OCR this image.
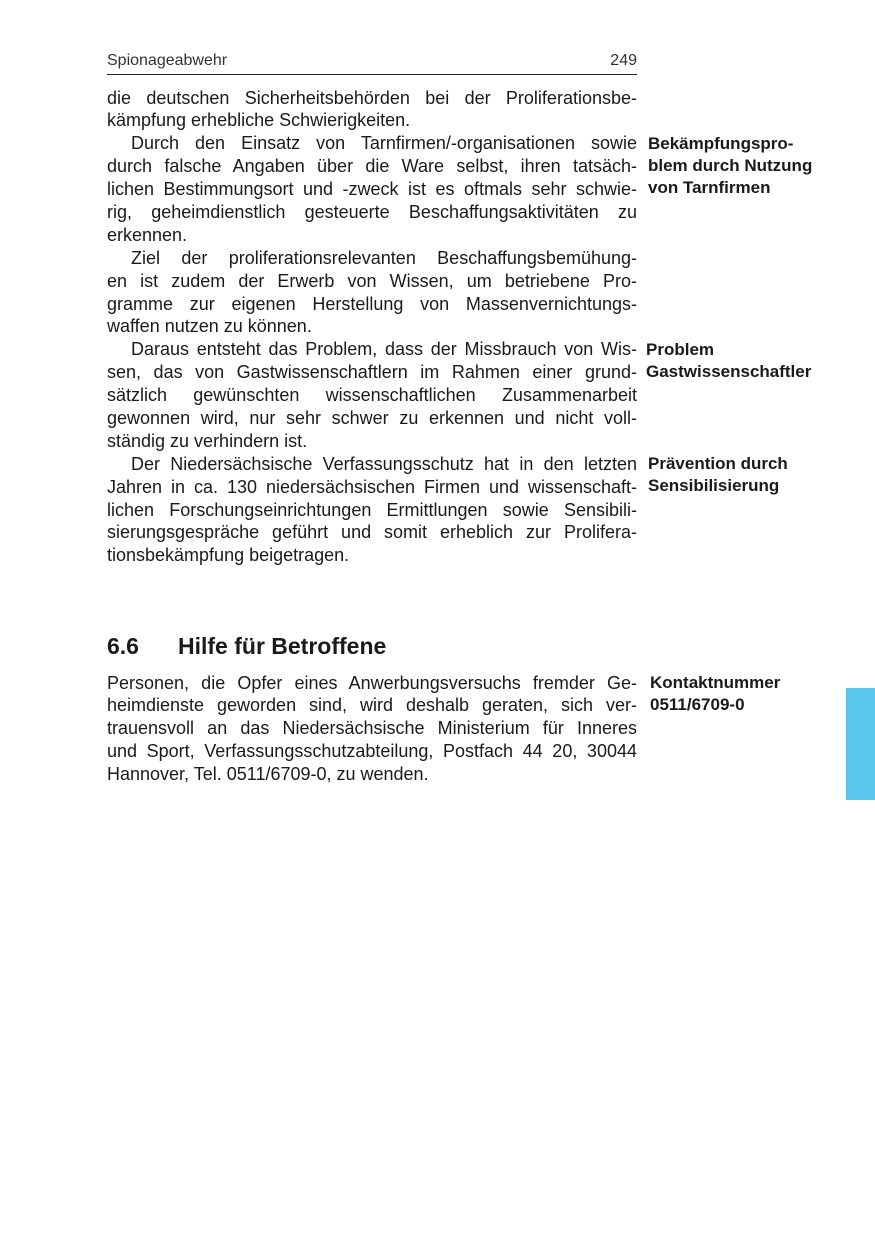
Spionageabwehr	249
die deutschen Sicherheitsbehörden bei der Proliferationsbe-
kämpfung erhebliche Schwierigkeiten.
Durch den Einsatz von Tarnfirmen/-organisationen sowie
durch falsche Angaben über die Ware selbst, ihren tatsäch-
lichen Bestimmungsort und -zweck ist es oftmals sehr schwie-
rig, geheimdienstlich gesteuerte Beschaffungsaktivitäten zu
erkennen.
Ziel der proliferationsrelevanten Beschaffungsbemühung-
en ist zudem der Erwerb von Wissen, um betriebene Pro-
gramme zur eigenen Herstellung von Massenvernichtungs-
waffen nutzen zu können.
Daraus entsteht das Problem, dass der Missbrauch von Wis-
sen, das von Gastwissenschaftlern im Rahmen einer grund-
sätzlich gewünschten wissenschaftlichen Zusammenarbeit
gewonnen wird, nur sehr schwer zu erkennen und nicht voll-
ständig zu verhindern ist.
Der Niedersächsische Verfassungsschutz hat in den letzten
Jahren in ca. 130 niedersächsischen Firmen und wissenschaft-
lichen Forschungseinrichtungen Ermittlungen sowie Sensibili-
sierungsgespräche geführt und somit erheblich zur Prolifera-
tionsbekämpfung beigetragen.
Bekämpfungspro-
blem durch Nutzung
von Tarnfirmen
Problem
Gastwissenschaftler
Prävention durch
Sensibilisierung
Kontaktnummer
0511/6709-0
6.6 Hilfe für Betroffene
Personen, die Opfer eines Anwerbungsversuchs fremder Ge-
heimdienste geworden sind, wird deshalb geraten, sich ver-
trauensvoll an das Niedersächsische Ministerium für Inneres
und Sport, Verfassungsschutzabteilung, Postfach 44 20, 30044
Hannover, Tel. 0511/6709-0, zu wenden.
